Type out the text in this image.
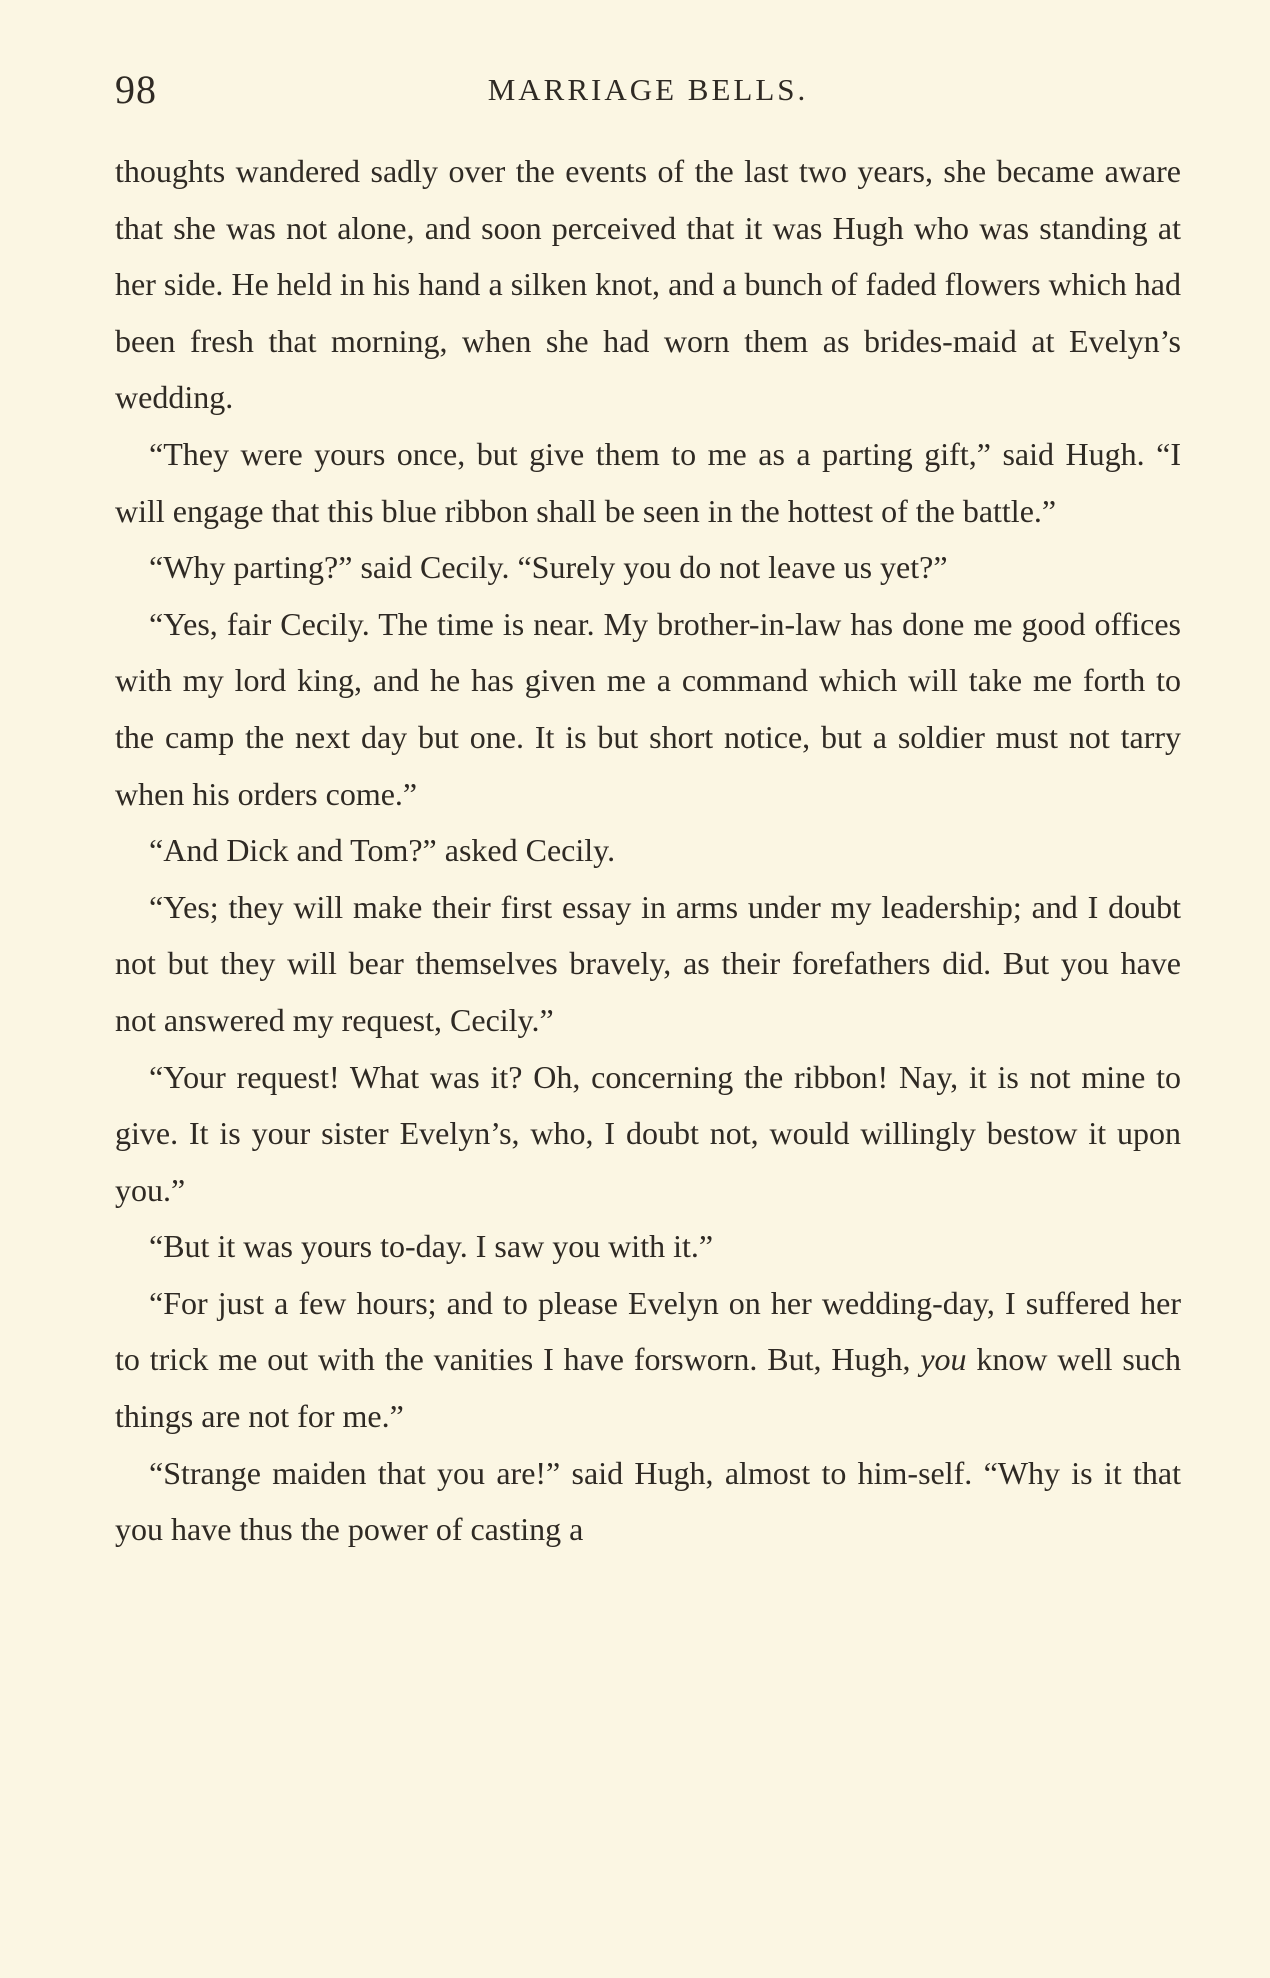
98	MARRIAGE BELLS.

thoughts wandered sadly over the events of the last two years, she became aware that she was not alone, and soon perceived that it was Hugh who was standing at her side. He held in his hand a silken knot, and a bunch of faded flowers which had been fresh that morning, when she had worn them as brides-maid at Evelyn’s wedding.

“They were yours once, but give them to me as a parting gift,” said Hugh. “I will engage that this blue ribbon shall be seen in the hottest of the battle.”

“Why parting?” said Cecily. “Surely you do not leave us yet?”

“Yes, fair Cecily. The time is near. My brother-in-law has done me good offices with my lord king, and he has given me a command which will take me forth to the camp the next day but one. It is but short notice, but a soldier must not tarry when his orders come.”

“And Dick and Tom?” asked Cecily.

“Yes; they will make their first essay in arms under my leadership; and I doubt not but they will bear themselves bravely, as their forefathers did. But you have not answered my request, Cecily.”

“Your request! What was it? Oh, concerning the ribbon! Nay, it is not mine to give. It is your sister Evelyn’s, who, I doubt not, would willingly bestow it upon you.”

“But it was yours to-day. I saw you with it.”

“For just a few hours; and to please Evelyn on her wedding-day, I suffered her to trick me out with the vanities I have forsworn. But, Hugh, you know well such things are not for me.”

“Strange maiden that you are!” said Hugh, almost to him-self. “Why is it that you have thus the power of casting a
